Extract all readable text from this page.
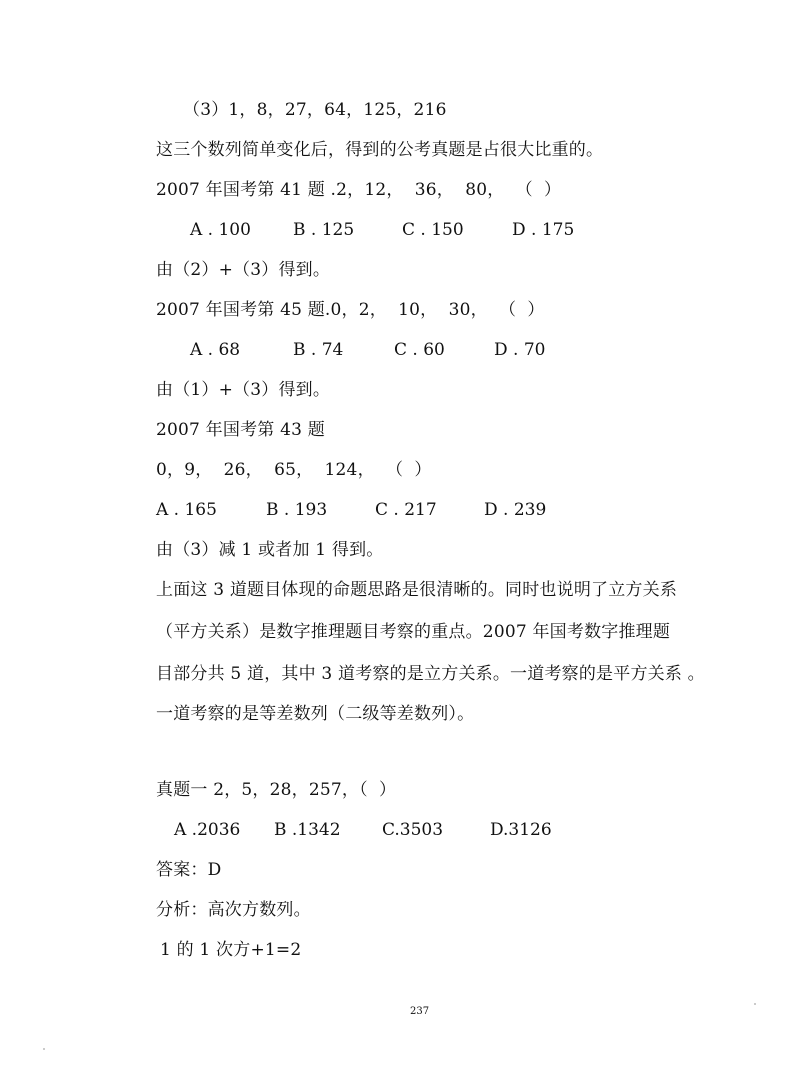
（3）1，8，27，64，125，216
这三个数列简单变化后，得到的公考真题是占很大比重的。
2007 年国考第 41 题 .2，12，  36，  80，  （  ）

A . 100

B . 125

	C . 150

	D . 175

由（2）+（3）得到。
2007 年国考第 45 题.0，2，  10，  30，  （  ）

A . 68

	B . 74

	C . 60

	D . 70

由（1）+（3）得到。
2007 年国考第 43 题
0，9，  26，  65，  124，  （  ）

A . 165

	B . 193

	C . 217

	D . 239

由（3）减 1 或者加 1 得到。
上面这 3 道题目体现的命题思路是很清晰的。同时也说明了立方关系
（平方关系）是数字推理题目考察的重点。2007 年国考数字推理题
目部分共 5 道，其中 3 道考察的是立方关系。一道考察的是平方关系 。
一道考察的是等差数列（二级等差数列）。
真题一 2，5，28，257，（  ）

A .2036

B .1342

C.3503

	D.3126

答案：D
分析：高次方数列。
1 的 1 次方+1=2
237
